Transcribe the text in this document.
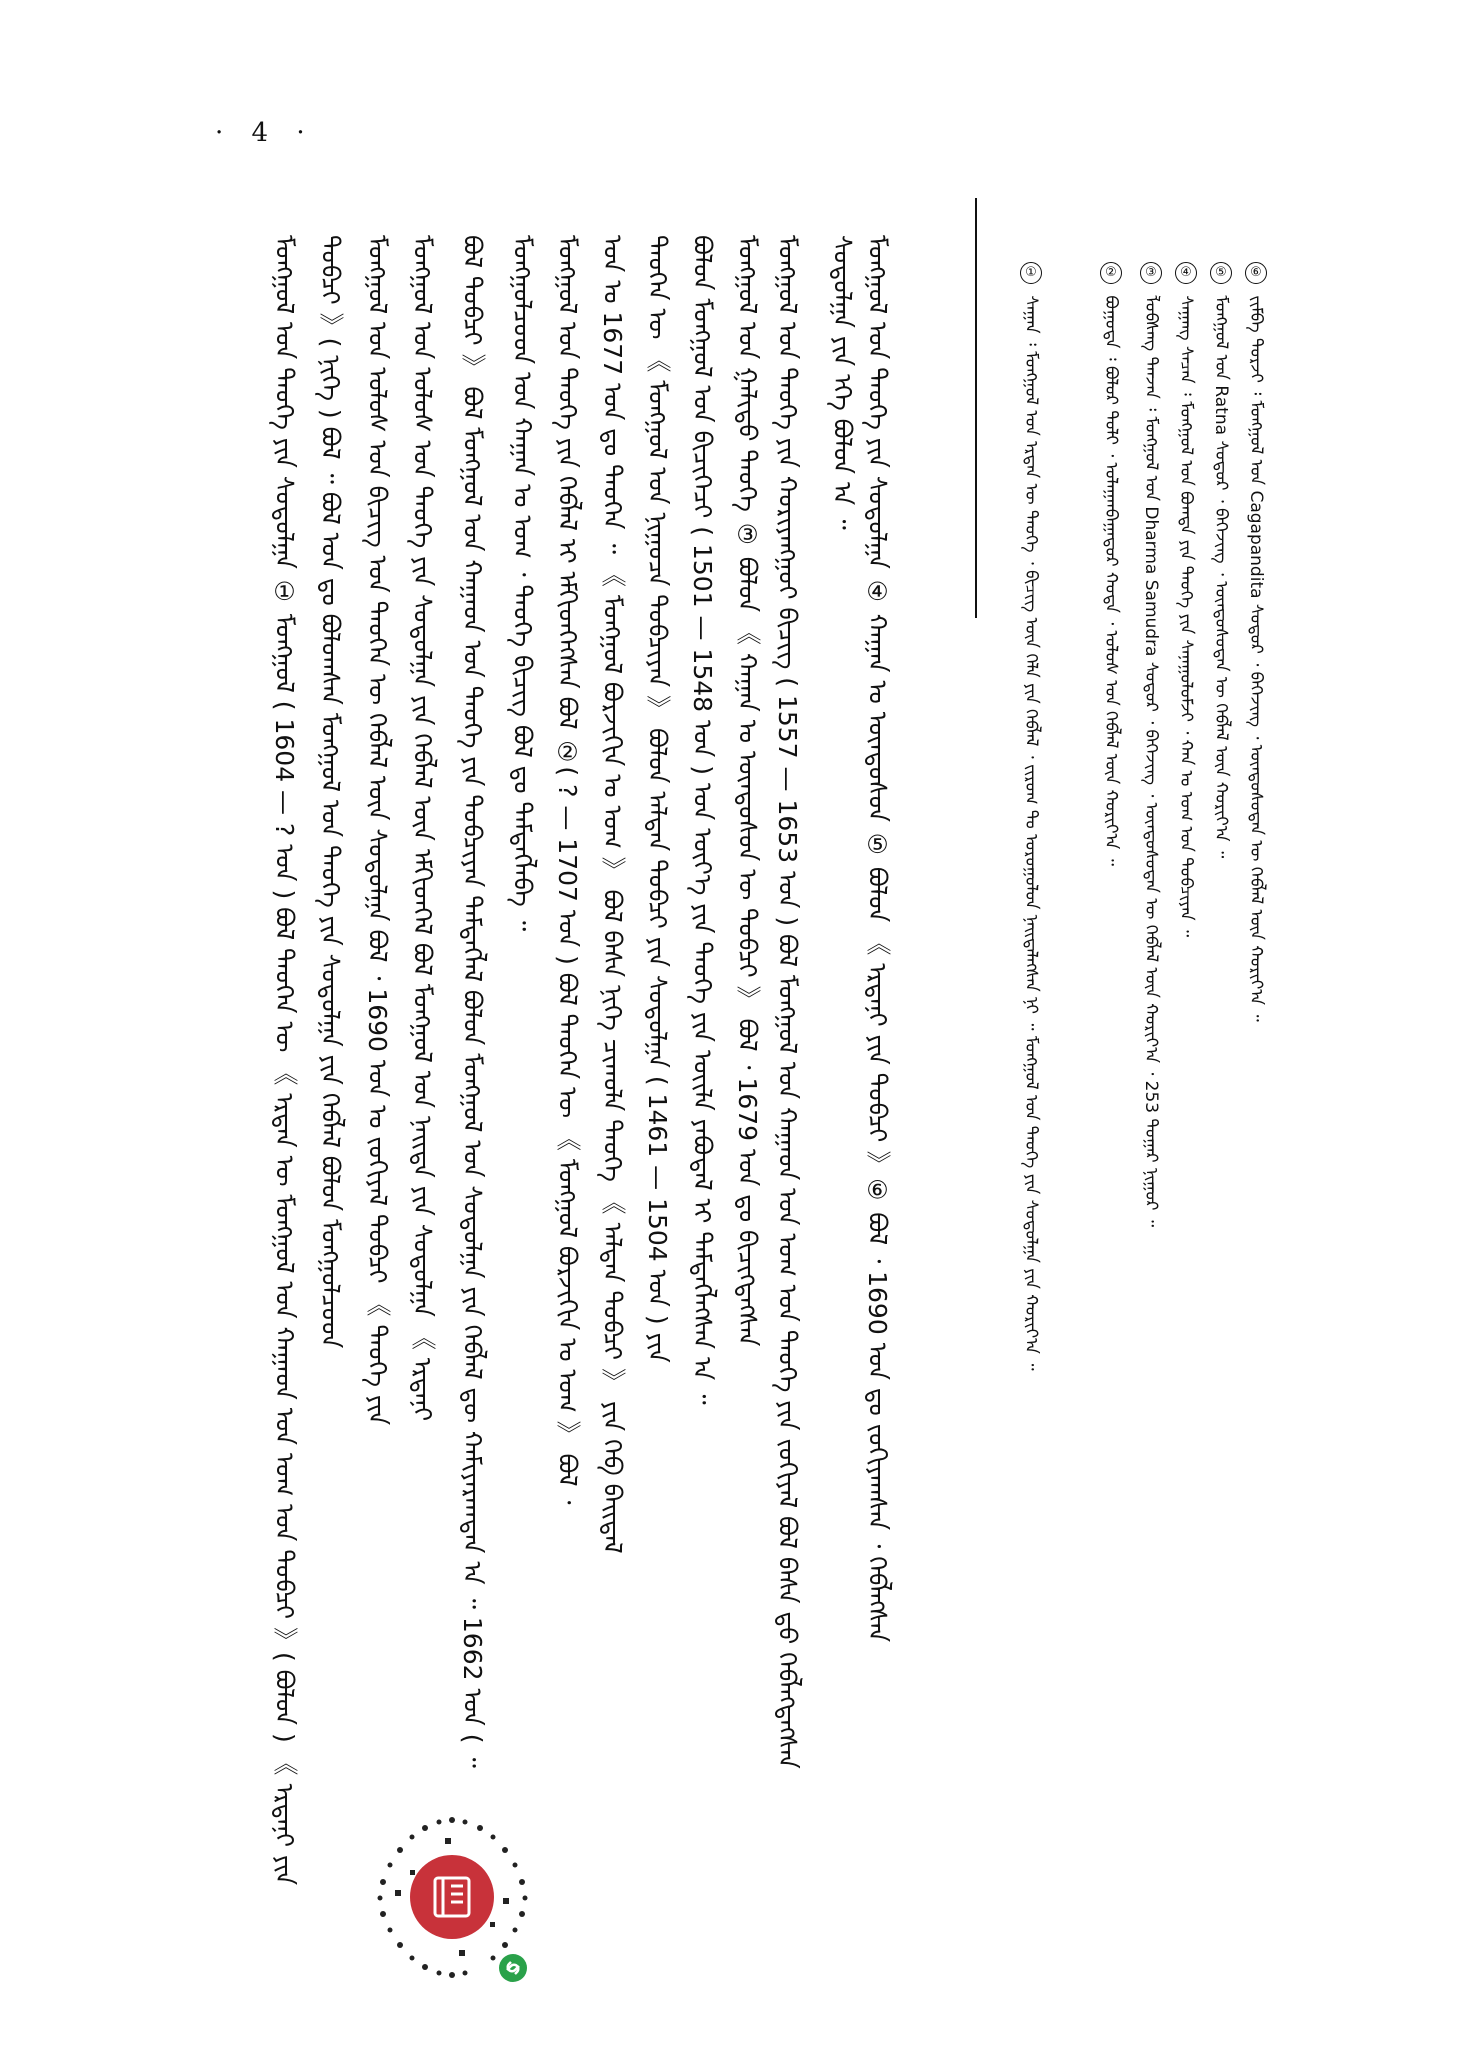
· 4 ·
⑥ ᠵᠢᠮᠪᠠ ᠳᠣᠷᠵᠢ ᠄ ᠮᠣᠩᠭᠣᠯ ᠤᠨ Cagapandita ᠰᠣᠳᠤᠷ ᠂ ᠪᠡᠭᠡᠵᠢᠩ ᠂ ᠦᠨᠳᠦᠰᠦᠲᠡᠨ ᠦ ᠬᠡᠪᠯᠡᠯ ᠦᠨ ᠬᠣᠷᠢᠶ᠎ᠠ ᠃
⑤ ᠮᠣᠩᠭᠣᠯ ᠤᠨ Ratna ᠰᠣᠳᠤᠷ ᠂ ᠪᠡᠭᠡᠵᠢᠩ ᠂ ᠦᠨᠳᠦᠰᠦᠲᠡᠨ ᠦ ᠬᠡᠪᠯᠡᠯ ᠦᠨ ᠬᠣᠷᠢᠶ᠎ᠠ ᠃
④ ᠰᠠᠭᠠᠩ ᠰᠡᠴᠡᠨ ᠄ ᠮᠣᠩᠭᠣᠯ ᠤᠨ ᠪᠣᠭᠳᠠ ᠶᠢᠨ ᠲᠡᠦᠬᠡ ᠶᠢᠨ ᠰᠠᠨᠠᠭᠤᠯᠤᠮᠵᠢ ᠂ ᠬᠠᠨ ᠤ ᠤᠭ ᠤᠨ ᠲᠣᠪᠴᠢᠶᠠᠨ ᠃
③ ᠯᠤᠪᠰᠠᠩ ᠳᠠᠨᠵᠠᠨ ᠄ ᠮᠣᠩᠭᠣᠯ ᠤᠨ Dharma Samudra ᠰᠣᠳᠤᠷ ᠂ ᠪᠡᠭᠡᠵᠢᠩ ᠂ ᠦᠨᠳᠦᠰᠦᠲᠡᠨ ᠦ ᠬᠡᠪᠯᠡᠯ ᠦᠨ ᠬᠣᠷᠢᠶ᠎ᠠ ᠂ 253 ᠳᠤᠭᠠᠷ ᠨᠢᠭᠤᠷ ᠃
② ᠪᠣᠭᠤᠳᠠ ᠄ ᠪᠣᠯᠤᠷ ᠲᠣᠯᠢ ᠂ ᠤᠯᠠᠭᠠᠨᠪᠠᠭᠠᠲᠤᠷ ᠬᠣᠲᠠ ᠂ ᠤᠯᠤᠰ ᠤᠨ ᠬᠡᠪᠯᠡᠯ ᠦᠨ ᠬᠣᠷᠢᠶ᠎ᠠ ᠃
① ᠰᠠᠭᠠᠨ ᠄ ᠮᠣᠩᠭᠣᠯ ᠤᠨ ᠡᠷᠲᠡᠨ ᠦ ᠲᠡᠦᠬᠡ ᠂ ᠪᠢᠴᠢᠭ᠌ ᠦᠨ ᠬᠡᠯᠡ ᠶᠢᠨ ᠬᠡᠪᠯᠡᠯ ᠂ ᠵᠢᠷᠤᠭ ᠲᠤ ᠤᠷᠤᠭᠤᠯᠤᠨ ᠨᠡᠢᠲᠡᠯᠡᠭᠰᠡᠨ ᠨᠢ ᠃ ᠮᠣᠩᠭᠣᠯ ᠤᠨ ᠲᠡᠦᠬᠡ ᠶᠢᠨ ᠰᠤᠳᠤᠯᠭᠠ ᠶᠢᠨ ᠬᠣᠷᠢᠶ᠎ᠠ ᠃
ᠮᠣᠩᠭᠣᠯ ᠤᠨ ᠲᠡᠦᠬᠡ ᠶᠢᠨ ᠰᠤᠳᠤᠯᠭᠠ ④ ᠬᠠᠭᠠᠨ ᠤ ᠦᠨᠳᠦᠰᠦᠨ ⑤ ᠪᠣᠯᠤᠨ 《 ᠡᠷᠳᠡᠨᠢ ᠶᠢᠨ ᠲᠣᠪᠴᠢ 》⑥ ᠪᠣᠯ ᠂ 1690 ᠣᠨ ᠳᠤ ᠵᠣᠬᠢᠶᠠᠭᠰᠠᠨ ᠂ ᠬᠡᠪᠯᠡᠭᠰᠡᠨ
ᠰᠤᠳᠤᠯᠭᠠ ᠶᠢᠨ ᠡᠬᠡ ᠪᠣᠯᠤᠨ ᠠ ᠃
ᠮᠣᠩᠭᠣᠯ ᠤᠨ ᠲᠡᠦᠬᠡ ᠶᠢᠨ ᠬᠣᠷᠢᠶᠠᠩᠭᠤᠢ ᠪᠢᠴᠢᠭ ( 1557 — 1653 ᠣᠨ ) ᠪᠣᠯ ᠮᠣᠩᠭᠣᠯ ᠤᠨ ᠬᠠᠭᠠᠳ ᠤᠨ ᠤᠭ ᠤᠨ ᠲᠡᠦᠬᠡ ᠶᠢᠨ ᠵᠣᠬᠢᠶᠠᠯ ᠪᠣᠯ ᠪᠠᠰᠠ ᠳ᠋ᠤ ᠬᠡᠪᠯᠡᠭᠳᠡᠭᠰᠡᠨ
ᠮᠣᠩᠭᠣᠯ ᠤᠨ ᠭᠠᠯᠢᠳᠤ ᠲᠡᠦᠬᠡ ③ ᠪᠣᠯᠤᠨ 《 ᠬᠠᠭᠠᠨ ᠤ ᠦᠨᠳᠦᠰᠦᠨ ᠦ ᠲᠣᠪᠴᠢ 》 ᠪᠣᠯ ᠂ 1679 ᠣᠨ ᠳᠤ ᠪᠢᠴᠢᠭᠳᠡᠭᠰᠡᠨ
ᠪᠣᠯᠤᠨ ᠮᠣᠩᠭᠣᠯ ᠤᠨ ᠪᠢᠴᠢᠭᠡᠴᠢ ( 1501 — 1548 ᠣᠨ ) ᠤᠨ ᠦᠶ᠎ᠡ ᠶᠢᠨ ᠲᠡᠦᠬᠡ ᠶᠢᠨ ᠦᠢᠯᠡ ᠶᠠᠪᠤᠳᠠᠯ ᠢ ᠲᠡᠮᠳᠡᠭᠯᠡᠭᠰᠡᠨ ᠠ ᠃
ᠲᠡᠦᠬᠡᠨ ᠦ 《 ᠮᠣᠩᠭᠣᠯ ᠤᠨ ᠨᠢᠭᠤᠴᠠ ᠲᠣᠪᠴᠢᠶᠠᠨ 》 ᠪᠣᠯᠤᠨ ᠠᠯᠲᠠᠨ ᠲᠣᠪᠴᠢ ᠶᠢᠨ ᠰᠤᠳᠤᠯᠭᠠ ( 1461 — 1504 ᠣᠨ ) ᠶᠢᠨ
ᠣᠨ ᠤ 1677 ᠣᠨ ᠳᠤ ᠲᠡᠦᠬᠡᠨ ᠃ 《 ᠮᠣᠩᠭᠣᠯ ᠪᠣᠷᠵᠢᠭᠢᠨ ᠤ ᠤᠭ 》 ᠪᠣᠯ ᠪᠠᠰᠠ ᠨᠢᠭᠡ ᠴᠢᠬᠤᠯᠠ ᠲᠡᠦᠬᠡ 《 ᠠᠯᠲᠠᠨ ᠲᠣᠪᠴᠢ 》 ᠶᠢᠨ ᠬᠡᠪ ᠪᠠᠢᠳᠠᠯ
ᠮᠣᠩᠭᠣᠯ ᠤᠨ ᠲᠡᠦᠬᠡ ᠶᠢᠨ ᠬᠡᠪᠯᠡᠯ ᠢ ᠡᠮᠬᠢᠳᠬᠡᠭᠰᠡᠨ ᠪᠣᠯ ②( ? — 1707 ᠣᠨ ) ᠪᠣᠯ ᠲᠡᠦᠬᠡᠨ ᠦ 《 ᠮᠣᠩᠭᠣᠯ ᠪᠣᠷᠵᠢᠭᠢᠨ ᠤ ᠤᠭ 》 ᠪᠣᠯ ᠂
ᠮᠣᠩᠭᠣᠯᠴᠤᠳ ᠤᠨ ᠬᠠᠭᠠᠨ ᠤ ᠤᠭ ᠂ ᠲᠡᠦᠬᠡ ᠪᠢᠴᠢᠭ ᠪᠣᠯ ᠳᠤ ᠲᠡᠮᠳᠡᠭᠯᠡᠪᠡ ᠃
ᠪᠣᠯ ᠲᠣᠪᠴᠢ 》 ᠪᠣᠯ ᠮᠣᠩᠭᠣᠯ ᠤᠨ ᠬᠠᠭᠠᠳ ᠤᠨ ᠲᠡᠦᠬᠡ ᠶᠢᠨ ᠲᠣᠪᠴᠢᠶᠠᠨ ᠲᠡᠮᠳᠡᠭᠯᠡᠯ ᠪᠣᠯᠤᠨ ᠮᠣᠩᠭᠣᠯ ᠤᠨ ᠰᠤᠳᠤᠯᠭᠠ ᠶᠢᠨ ᠬᠡᠪᠯᠡᠯ ᠳᠦ ᠬᠠᠮᠢᠶᠠᠷᠠᠭᠳᠠᠨ ᠠ ᠃ 1662 ᠣᠨ ( ᠃
ᠮᠣᠩᠭᠣᠯ ᠤᠨ ᠤᠯᠤᠰ ᠤᠨ ᠲᠡᠦᠬᠡ ᠶᠢᠨ ᠰᠤᠳᠤᠯᠭᠠ ᠶᠢᠨ ᠬᠡᠪᠯᠡᠯ ᠦᠨ ᠡᠮᠬᠢᠳᠬᠡᠯ ᠪᠣᠯ ᠮᠣᠩᠭᠣᠯ ᠤᠨ ᠨᠡᠢᠲᠡ ᠶᠢᠨ ᠰᠤᠳᠤᠯᠭᠠ 《 ᠡᠷᠳᠡᠨᠢ
ᠮᠣᠩᠭᠣᠯ ᠤᠨ ᠤᠯᠤᠰ ᠤᠨ ᠪᠢᠴᠢᠭ ᠤᠨ ᠲᠡᠦᠬᠡᠨ ᠦ ᠬᠡᠪᠯᠡᠯ ᠦᠨ ᠰᠤᠳᠤᠯᠭᠠ ᠪᠣᠯ ᠂ 1690 ᠣᠨ ᠤ ᠵᠣᠬᠢᠶᠠᠯ ᠲᠣᠪᠴᠢ 《 ᠲᠡᠦᠬᠡ ᠶᠢᠨ
ᠲᠣᠪᠴᠢ 》( ᠨᠢᠭᠡ ) ᠪᠣᠯ ᠃ ᠪᠣᠯ ᠣᠨ ᠳᠤ ᠪᠣᠯᠤᠭᠰᠠᠨ ᠮᠣᠩᠭᠣᠯ ᠤᠨ ᠲᠡᠦᠬᠡ ᠶᠢᠨ ᠰᠤᠳᠤᠯᠭᠠ ᠶᠢᠨ ᠬᠡᠪᠯᠡᠯ ᠪᠣᠯᠤᠨ ᠮᠣᠩᠭᠣᠯᠴᠤᠳ
ᠮᠣᠩᠭᠣᠯ ᠤᠨ ᠲᠡᠦᠬᠡ ᠶᠢᠨ ᠰᠤᠳᠤᠯᠭᠠ ① ᠮᠣᠩᠭᠣᠯ ( 1604 — ? ᠣᠨ ) ᠪᠣᠯ ᠲᠡᠦᠬᠡᠨ ᠦ 《 ᠡᠷᠲᠡᠨ ᠦ ᠮᠣᠩᠭᠣᠯ ᠤᠨ ᠬᠠᠭᠠᠳ ᠤᠨ ᠤᠭ ᠤᠨ ᠲᠣᠪᠴᠢ 》( ᠪᠣᠯᠤᠨ ) 《 ᠡᠷᠳᠡᠨᠢ ᠶᠢᠨ
